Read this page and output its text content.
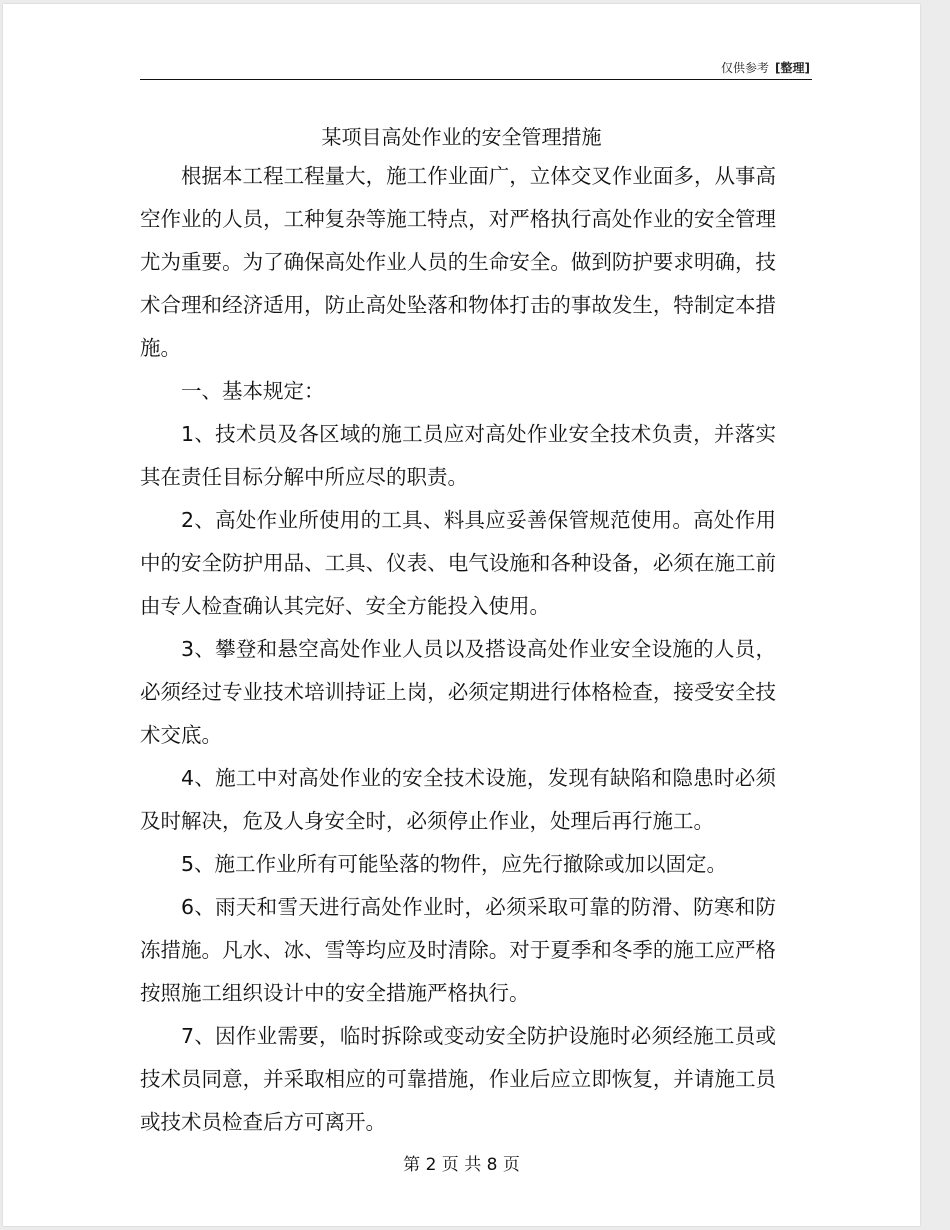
仅供参考 [整理]
某项目高处作业的安全管理措施

根据本工程工程量大，施工作业面广，立体交叉作业面多，从事高空作业的人员，工种复杂等施工特点，对严格执行高处作业的安全管理尤为重要。为了确保高处作业人员的生命安全。做到防护要求明确，技术合理和经济适用，防止高处坠落和物体打击的事故发生，特制定本措施。

一、基本规定：

1、技术员及各区域的施工员应对高处作业安全技术负责，并落实其在责任目标分解中所应尽的职责。

2、高处作业所使用的工具、料具应妥善保管规范使用。高处作用中的安全防护用品、工具、仪表、电气设施和各种设备，必须在施工前由专人检查确认其完好、安全方能投入使用。

3、攀登和悬空高处作业人员以及搭设高处作业安全设施的人员，必须经过专业技术培训持证上岗，必须定期进行体格检查，接受安全技术交底。

4、施工中对高处作业的安全技术设施，发现有缺陷和隐患时必须及时解决，危及人身安全时，必须停止作业，处理后再行施工。

5、施工作业所有可能坠落的物件，应先行撤除或加以固定。

6、雨天和雪天进行高处作业时，必须采取可靠的防滑、防寒和防冻措施。凡水、冰、雪等均应及时清除。对于夏季和冬季的施工应严格按照施工组织设计中的安全措施严格执行。

7、因作业需要，临时拆除或变动安全防护设施时必须经施工员或技术员同意，并采取相应的可靠措施，作业后应立即恢复，并请施工员或技术员检查后方可离开。

第 2 页 共 8 页
